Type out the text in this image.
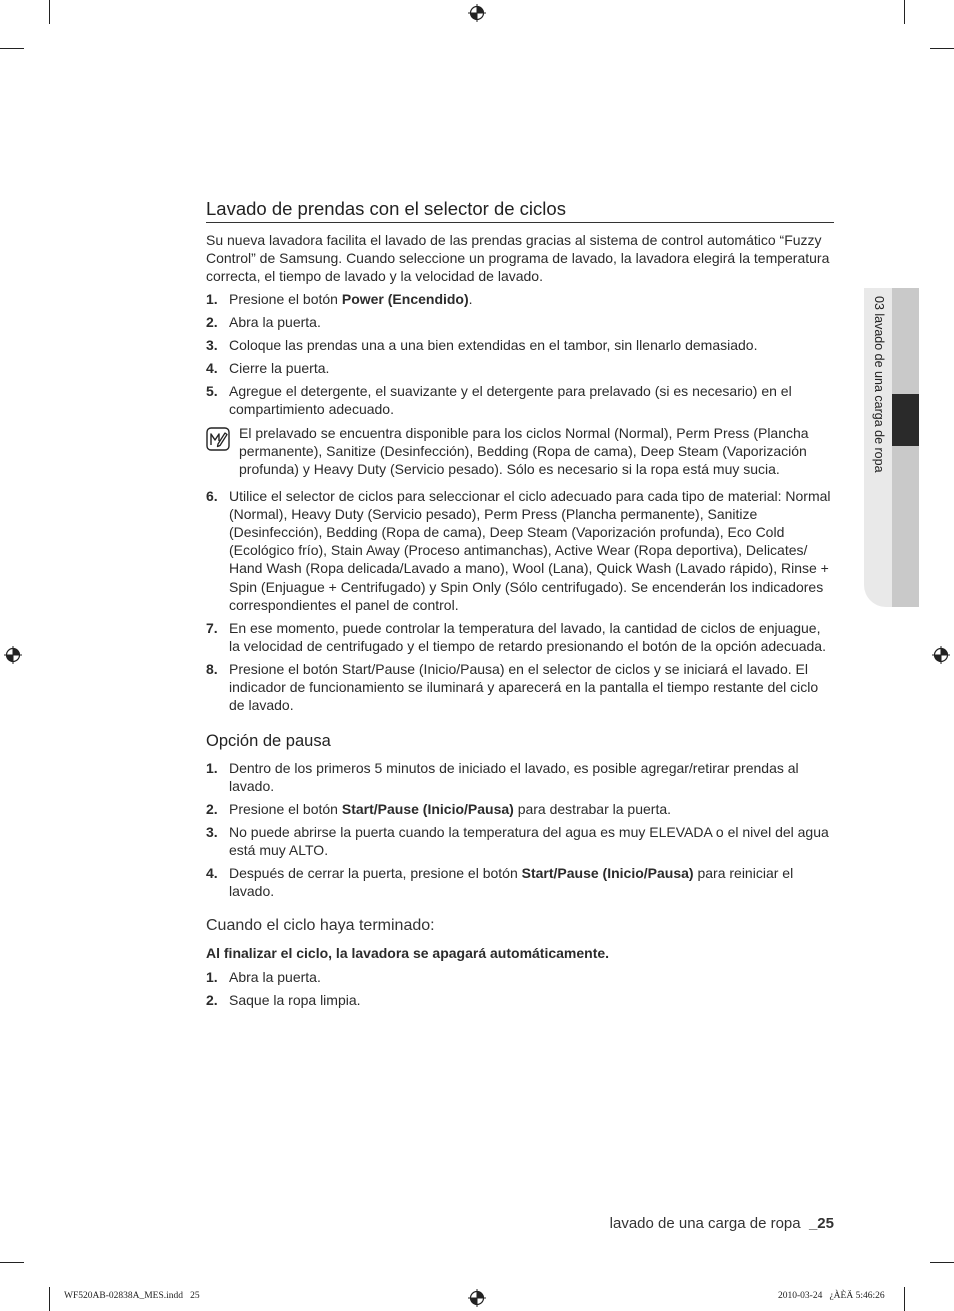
03 lavado de una carga de ropa
Lavado de prendas con el selector de ciclos

Su nueva lavadora facilita el lavado de las prendas gracias al sistema de control automático “Fuzzy Control” de Samsung. Cuando seleccione un programa de lavado, la lavadora elegirá la temperatura correcta, el tiempo de lavado y la velocidad de lavado.

1. Presione el botón Power (Encendido).
2. Abra la puerta.
3. Coloque las prendas una a una bien extendidas en el tambor, sin llenarlo demasiado.
4. Cierre la puerta.
5. Agregue el detergente, el suavizante y el detergente para prelavado (si es necesario) en el compartimiento adecuado.
El prelavado se encuentra disponible para los ciclos Normal (Normal), Perm Press (Plancha permanente), Sanitize (Desinfección), Bedding (Ropa de cama), Deep Steam (Vaporización profunda) y Heavy Duty (Servicio pesado). Sólo es necesario si la ropa está muy sucia.
6. Utilice el selector de ciclos para seleccionar el ciclo adecuado para cada tipo de material: Normal (Normal), Heavy Duty (Servicio pesado), Perm Press (Plancha permanente), Sanitize (Desinfección), Bedding (Ropa de cama), Deep Steam (Vaporización profunda), Eco Cold (Ecológico frío), Stain Away (Proceso antimanchas), Active Wear (Ropa deportiva), Delicates/ Hand Wash (Ropa delicada/Lavado a mano), Wool (Lana), Quick Wash (Lavado rápido), Rinse + Spin (Enjuague + Centrifugado) y Spin Only (Sólo centrifugado). Se encenderán los indicadores correspondientes el panel de control.
7. En ese momento, puede controlar la temperatura del lavado, la cantidad de ciclos de enjuague, la velocidad de centrifugado y el tiempo de retardo presionando el botón de la opción adecuada.
8. Presione el botón Start/Pause (Inicio/Pausa) en el selector de ciclos y se iniciará el lavado. El indicador de funcionamiento se iluminará y aparecerá en la pantalla el tiempo restante del ciclo de lavado.
Opción de pausa
1. Dentro de los primeros 5 minutos de iniciado el lavado, es posible agregar/retirar prendas al lavado.
2. Presione el botón Start/Pause (Inicio/Pausa) para destrabar la puerta.
3. No puede abrirse la puerta cuando la temperatura del agua es muy ELEVADA o el nivel del agua está muy ALTO.
4. Después de cerrar la puerta, presione el botón Start/Pause (Inicio/Pausa) para reiniciar el lavado.
Cuando el ciclo haya terminado:

Al finalizar el ciclo, la lavadora se apagará automáticamente.

1. Abra la puerta.
2. Saque la ropa limpia.
lavado de una carga de ropa  _25
WF520AB-02838A_MES.indd   25	2010-03-24   ¿ÀÈÄ 5:46:26
